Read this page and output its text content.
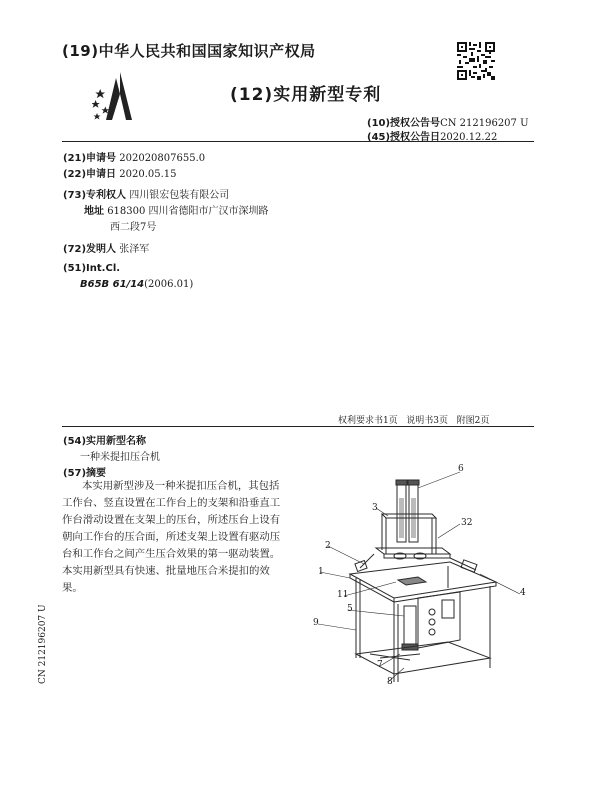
(19)中华人民共和国国家知识产权局
(12)实用新型专利
(10)授权公告号CN 212196207 U
(45)授权公告日2020.12.22
(21)申请号 202020807655.0
(22)申请日 2020.05.15
(73)专利权人 四川银宏包装有限公司
地址 618300 四川省德阳市广汉市深圳路
西二段7号
(72)发明人 张泽军
(51)Int.Cl.
B65B 61/14(2006.01)
权利要求书1页   说明书3页   附图2页
(54)实用新型名称
一种米提扣压合机
(57)摘要

本实用新型涉及一种米提扣压合机，其包括

工作台、竖直设置在工作台上的支架和沿垂直工

作台滑动设置在支架上的压台，所述压台上设有

朝向工作台的压合面，所述支架上设置有驱动压

台和工作台之间产生压合效果的第一驱动装置。

本实用新型具有快速、批量地压合米提扣的效

果。

6
3
32
2
1
4
11
5
9
7
8
CN 212196207 U
